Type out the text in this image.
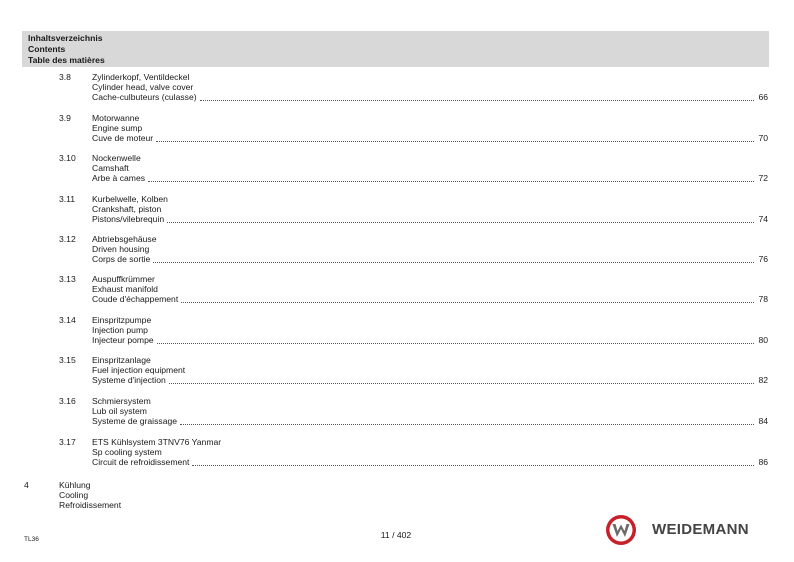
Inhaltsverzeichnis
Contents
Table des matières
3.8 Zylinderkopf, Ventildeckel
Cylinder head, valve cover
Cache-culbuteurs (culasse)	66
3.9 Motorwanne
Engine sump
Cuve de moteur	70
3.10 Nockenwelle
Camshaft
Arbe à cames	72
3.11 Kurbelwelle, Kolben
Crankshaft, piston
Pistons/vilebrequin	74
3.12 Abtriebsgehäuse
Driven housing
Corps de sortie	76
3.13 Auspuffkrümmer
Exhaust manifold
Coude d'échappement	78
3.14 Einspritzpumpe
Injection pump
Injecteur pompe	80
3.15 Einspritzanlage
Fuel injection equipment
Systeme d'injection	82
3.16 Schmiersystem
Lub oil system
Systeme de graissage	84
3.17 ETS Kühlsystem 3TNV76 Yanmar
Sp cooling system
Circuit de refroidissement	86
4	Kühlung
Cooling
Refroidissement
TL36	11 / 402	WEIDEMANN
